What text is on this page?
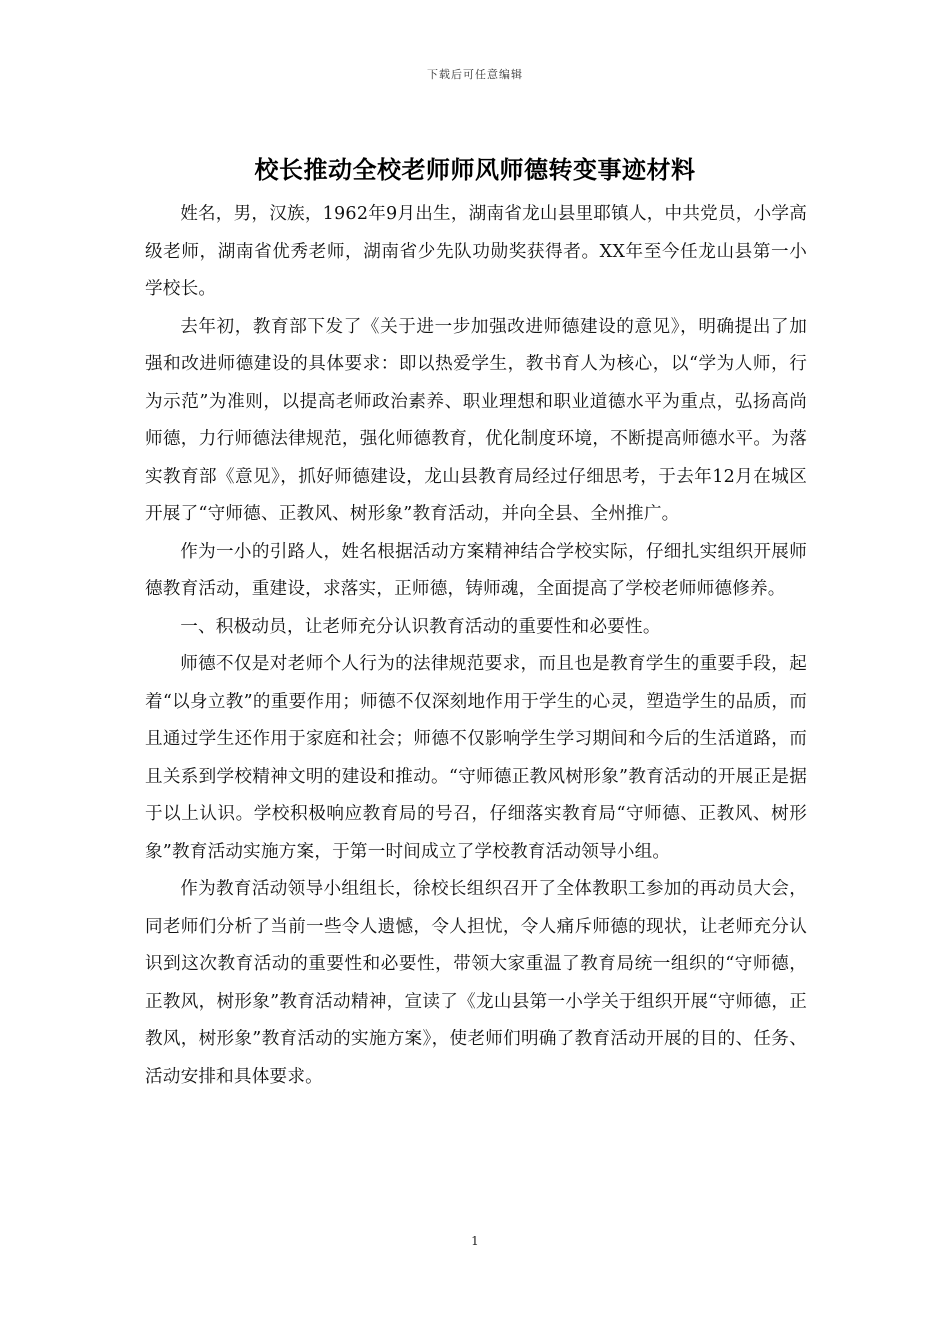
下载后可任意编辑
校长推动全校老师师风师德转变事迹材料

姓名，男，汉族，1962年9月出生，湖南省龙山县里耶镇人，中共党员，小学高级老师，湖南省优秀老师，湖南省少先队功勋奖获得者。XX年至今任龙山县第一小学校长。

去年初，教育部下发了《关于进一步加强改进师德建设的意见》，明确提出了加强和改进师德建设的具体要求：即以热爱学生，教书育人为核心，以“学为人师，行为示范”为准则，以提高老师政治素养、职业理想和职业道德水平为重点，弘扬高尚师德，力行师德法律规范，强化师德教育，优化制度环境，不断提高师德水平。为落实教育部《意见》，抓好师德建设，龙山县教育局经过仔细思考，于去年12月在城区开展了“守师德、正教风、树形象”教育活动，并向全县、全州推广。

作为一小的引路人，姓名根据活动方案精神结合学校实际，仔细扎实组织开展师德教育活动，重建设，求落实，正师德，铸师魂，全面提高了学校老师师德修养。

一、积极动员，让老师充分认识教育活动的重要性和必要性。

师德不仅是对老师个人行为的法律规范要求，而且也是教育学生的重要手段，起着“以身立教”的重要作用；师德不仅深刻地作用于学生的心灵，塑造学生的品质，而且通过学生还作用于家庭和社会；师德不仅影响学生学习期间和今后的生活道路，而且关系到学校精神文明的建设和推动。“守师德正教风树形象”教育活动的开展正是据于以上认识。学校积极响应教育局的号召，仔细落实教育局“守师德、正教风、树形象”教育活动实施方案，于第一时间成立了学校教育活动领导小组。

作为教育活动领导小组组长，徐校长组织召开了全体教职工参加的再动员大会，同老师们分析了当前一些令人遗憾，令人担忧，令人痛斥师德的现状，让老师充分认识到这次教育活动的重要性和必要性，带领大家重温了教育局统一组织的“守师德，正教风，树形象”教育活动精神，宣读了《龙山县第一小学关于组织开展“守师德，正教风，树形象”教育活动的实施方案》，使老师们明确了教育活动开展的目的、任务、活动安排和具体要求。

1
